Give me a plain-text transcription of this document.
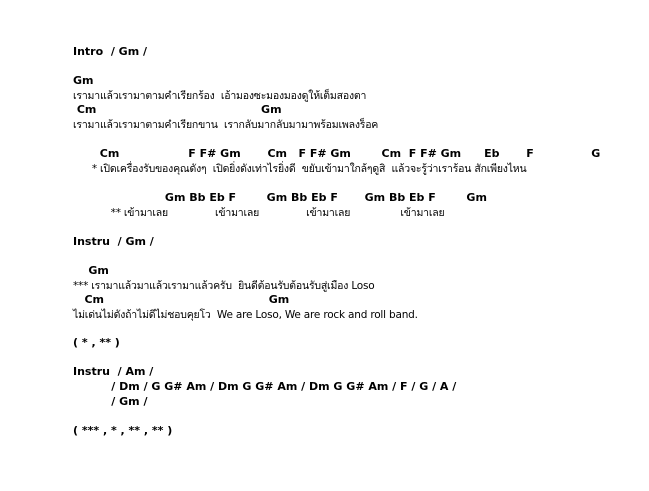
Intro  / Gm /
Gm
เรามาแล้วเรามาตามคำเรียกร้อง  เอ้ามองซะมองมองดูให้เต็มสองตา
Cm                                           Gm
เรามาแล้วเรามาตามคำเรียกขาน  เรากลับมากลับมามาพร้อมเพลงร็อค
Cm                  F F# Gm       Cm   F F# Gm        Cm  F F# Gm      Eb       F               G
* เปิดเครื่องรับของคุณดังๆ  เปิดยิ่งดังเท่าไรยิ่งดี  ขยับเข้ามาใกล้ๆดูสิ  แล้วจะรู้ว่าเราร้อน สักเพียงไหน
Gm Bb Eb F        Gm Bb Eb F       Gm Bb Eb F        Gm
** เข้ามาเลย               เข้ามาเลย               เข้ามาเลย                เข้ามาเลย
Instru  / Gm /
Gm
*** เรามาแล้วมาแล้วเรามาแล้วครับ  ยินดีต้อนรับต้อนรับสู่เมือง Loso
Cm                                           Gm
ไม่เด่นไม่ดังถ้าไม่ดีไม่ชอบคุยโว  We are Loso, We are rock and roll band.
( * , ** )
Instru  / Am /
/ Dm / G G# Am / Dm G G# Am / Dm G G# Am / F / G / A /
/ Gm /
( *** , * , ** , ** )
